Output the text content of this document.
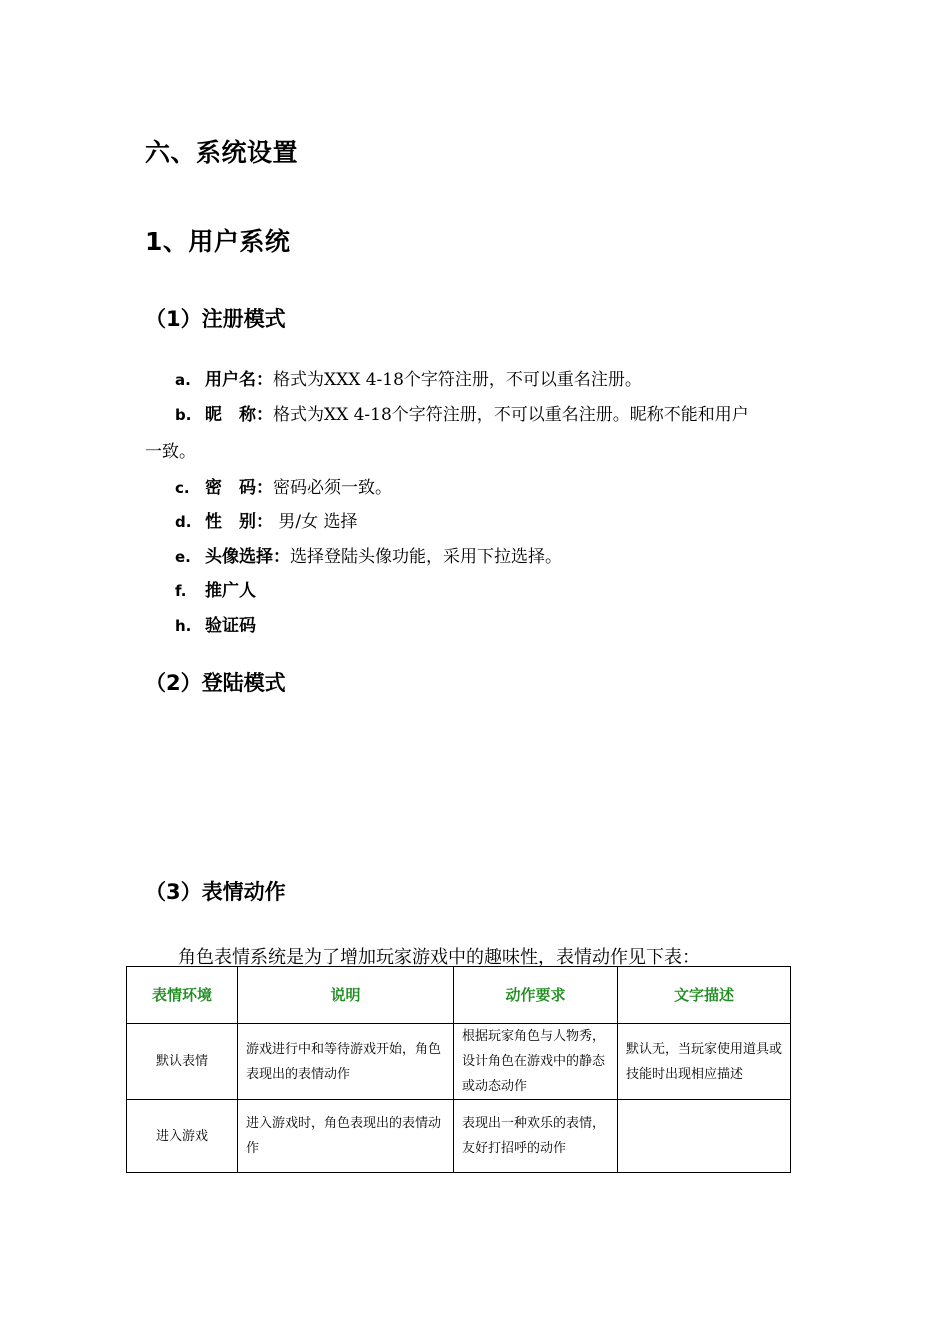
六、系统设置
1、用户系统
（1）注册模式
a. 用户名：格式为XXX 4-18个字符注册，不可以重名注册。
b. 昵　称：格式为XX 4-18个字符注册，不可以重名注册。昵称不能和用户
一致。
c. 密　码：密码必须一致。
d. 性　别： 男/女 选择
e. 头像选择：选择登陆头像功能，采用下拉选择。
f. 推广人
h. 验证码
（2）登陆模式
（3）表情动作
角色表情系统是为了增加玩家游戏中的趣味性，表情动作见下表：
表情环境	说明	动作要求	文字描述
默认表情	游戏进行中和等待游戏开始，角色表现出的表情动作	根据玩家角色与人物秀，设计角色在游戏中的静态或动态动作	默认无，当玩家使用道具或技能时出现相应描述
进入游戏	进入游戏时，角色表现出的表情动作	表现出一种欢乐的表情，友好打招呼的动作	
